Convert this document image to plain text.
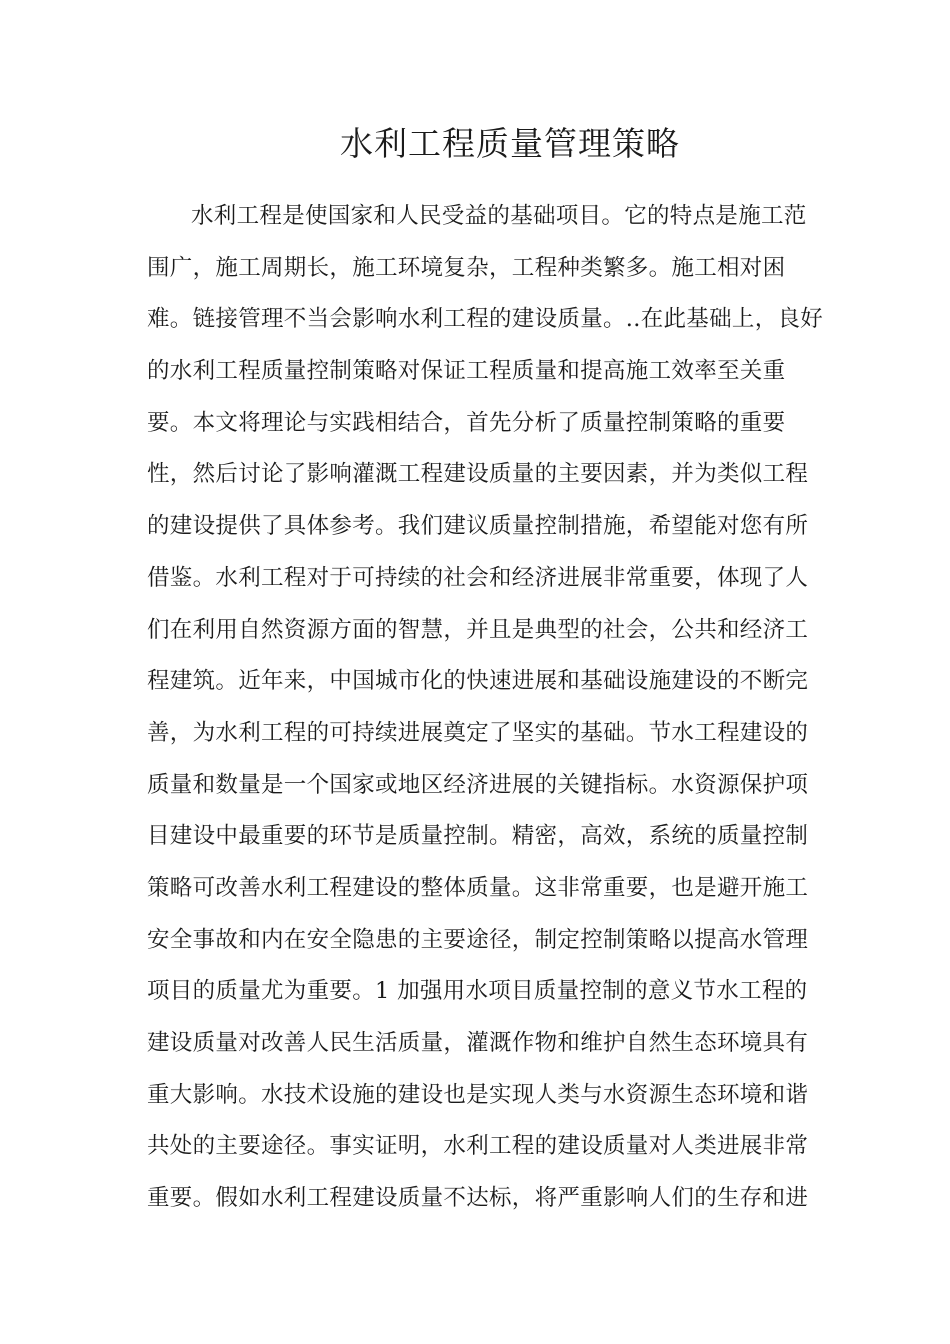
水利工程质量管理策略
水利工程是使国家和人民受益的基础项目。它的特点是施工范
围广，施工周期长，施工环境复杂，工程种类繁多。施工相对困
难。链接管理不当会影响水利工程的建设质量。..在此基础上，良好
的水利工程质量控制策略对保证工程质量和提高施工效率至关重
要。本文将理论与实践相结合，首先分析了质量控制策略的重要
性，然后讨论了影响灌溉工程建设质量的主要因素，并为类似工程
的建设提供了具体参考。我们建议质量控制措施，希望能对您有所
借鉴。水利工程对于可持续的社会和经济进展非常重要，体现了人
们在利用自然资源方面的智慧，并且是典型的社会，公共和经济工
程建筑。近年来，中国城市化的快速进展和基础设施建设的不断完
善，为水利工程的可持续进展奠定了坚实的基础。节水工程建设的
质量和数量是一个国家或地区经济进展的关键指标。水资源保护项
目建设中最重要的环节是质量控制。精密，高效，系统的质量控制
策略可改善水利工程建设的整体质量。这非常重要，也是避开施工
安全事故和内在安全隐患的主要途径，制定控制策略以提高水管理
项目的质量尤为重要。1 加强用水项目质量控制的意义节水工程的
建设质量对改善人民生活质量，灌溉作物和维护自然生态环境具有
重大影响。水技术设施的建设也是实现人类与水资源生态环境和谐
共处的主要途径。事实证明，水利工程的建设质量对人类进展非常
重要。假如水利工程建设质量不达标，将严重影响人们的生存和进
